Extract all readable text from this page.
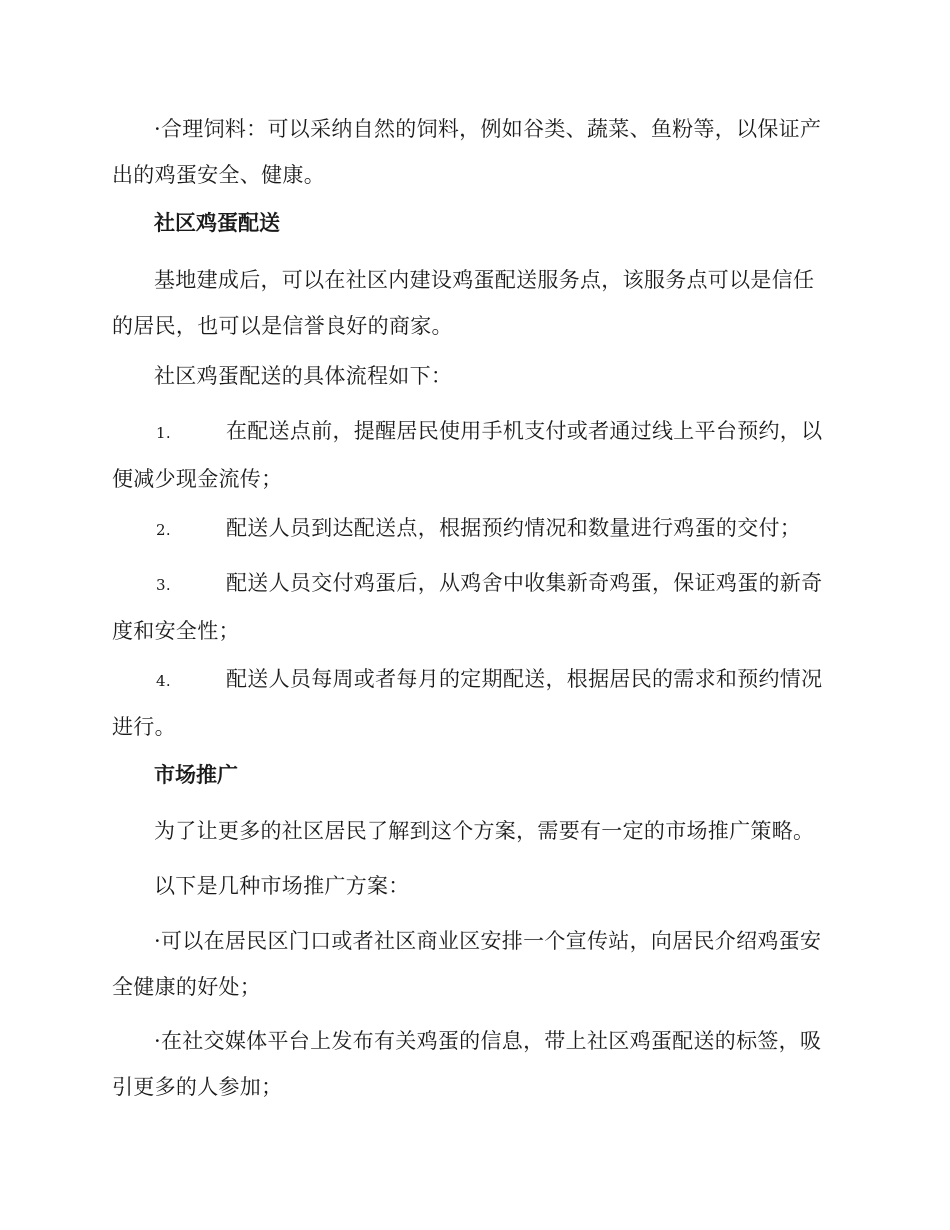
·合理饲料：可以采纳自然的饲料，例如谷类、蔬菜、鱼粉等，以保证产出的鸡蛋安全、健康。

社区鸡蛋配送

基地建成后，可以在社区内建设鸡蛋配送服务点，该服务点可以是信任的居民，也可以是信誉良好的商家。

社区鸡蛋配送的具体流程如下：

1.	在配送点前，提醒居民使用手机支付或者通过线上平台预约，以便减少现金流传；

2.	配送人员到达配送点，根据预约情况和数量进行鸡蛋的交付；

3.	配送人员交付鸡蛋后，从鸡舍中收集新奇鸡蛋，保证鸡蛋的新奇度和安全性；

4.	配送人员每周或者每月的定期配送，根据居民的需求和预约情况进行。

市场推广

为了让更多的社区居民了解到这个方案，需要有一定的市场推广策略。

以下是几种市场推广方案：

·可以在居民区门口或者社区商业区安排一个宣传站，向居民介绍鸡蛋安全健康的好处；

·在社交媒体平台上发布有关鸡蛋的信息，带上社区鸡蛋配送的标签，吸引更多的人参加；
